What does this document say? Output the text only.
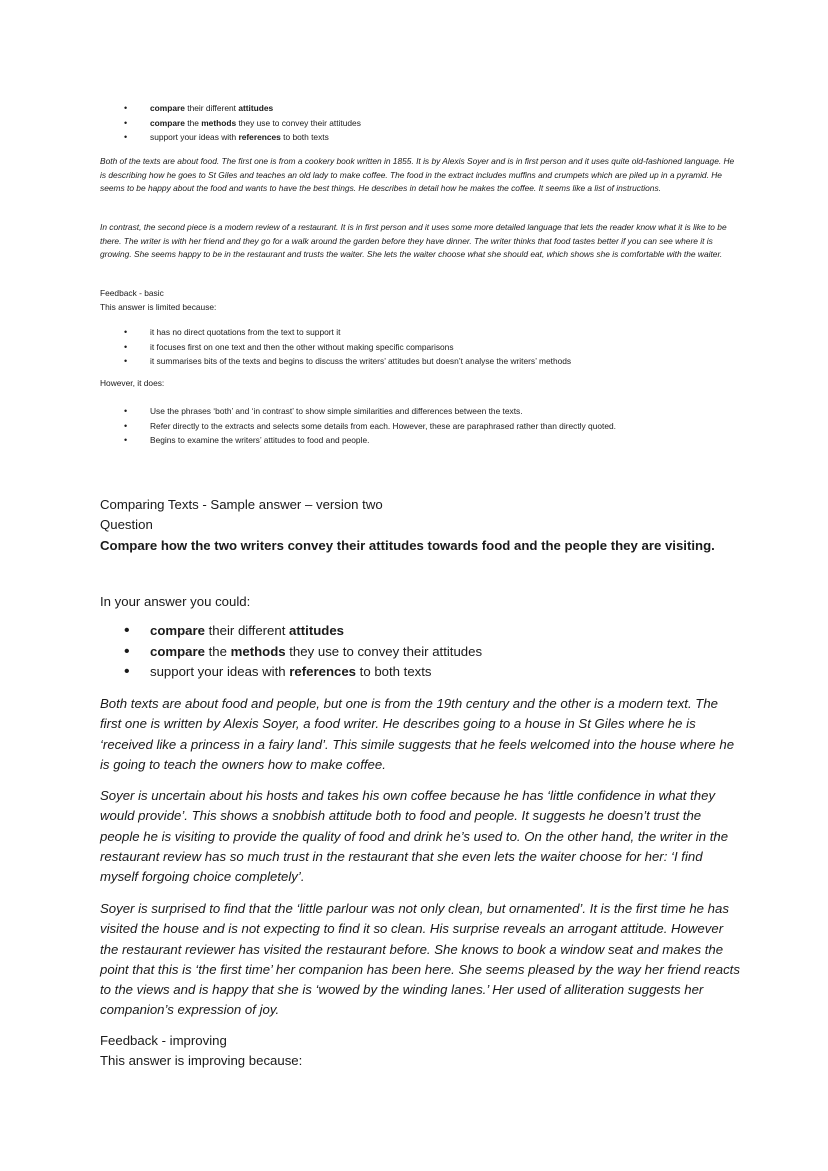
• compare their different attitudes
• compare the methods they use to convey their attitudes
• support your ideas with references to both texts

Both of the texts are about food. The first one is from a cookery book written in 1855. It is by Alexis Soyer and is in first person and it uses quite old-fashioned language. He is describing how he goes to St Giles and teaches an old lady to make coffee. The food in the extract includes muffins and crumpets which are piled up in a pyramid. He seems to be happy about the food and wants to have the best things. He describes in detail how he makes the coffee. It seems like a list of instructions.

In contrast, the second piece is a modern review of a restaurant. It is in first person and it uses some more detailed language that lets the reader know what it is like to be there. The writer is with her friend and they go for a walk around the garden before they have dinner. The writer thinks that food tastes better if you can see where it is growing. She seems happy to be in the restaurant and trusts the waiter. She lets the waiter choose what she should eat, which shows she is comfortable with the waiter.

Feedback - basic

This answer is limited because:

• it has no direct quotations from the text to support it
• it focuses first on one text and then the other without making specific comparisons
• it summarises bits of the texts and begins to discuss the writers’ attitudes but doesn’t analyse the writers’ methods

However, it does:

• Use the phrases ‘both’ and ‘in contrast’ to show simple similarities and differences between the texts.
• Refer directly to the extracts and selects some details from each. However, these are paraphrased rather than directly quoted.
• Begins to examine the writers’ attitudes to food and people.

Comparing Texts - Sample answer – version two

Question

Compare how the two writers convey their attitudes towards food and the people they are visiting.

In your answer you could:

• compare their different attitudes
• compare the methods they use to convey their attitudes
• support your ideas with references to both texts

Both texts are about food and people, but one is from the 19th century and the other is a modern text. The first one is written by Alexis Soyer, a food writer. He describes going to a house in St Giles where he is ‘received like a princess in a fairy land’. This simile suggests that he feels welcomed into the house where he is going to teach the owners how to make coffee.

Soyer is uncertain about his hosts and takes his own coffee because he has ‘little confidence in what they would provide’. This shows a snobbish attitude both to food and people. It suggests he doesn’t trust the people he is visiting to provide the quality of food and drink he’s used to. On the other hand, the writer in the restaurant review has so much trust in the restaurant that she even lets the waiter choose for her: ‘I find myself forgoing choice completely’.

Soyer is surprised to find that the ‘little parlour was not only clean, but ornamented’. It is the first time he has visited the house and is not expecting to find it so clean. His surprise reveals an arrogant attitude. However the restaurant reviewer has visited the restaurant before. She knows to book a window seat and makes the point that this is ‘the first time’ her companion has been here. She seems pleased by the way her friend reacts to the views and is happy that she is ‘wowed by the winding lanes.’ Her used of alliteration suggests her companion’s expression of joy.

Feedback - improving

This answer is improving because:
